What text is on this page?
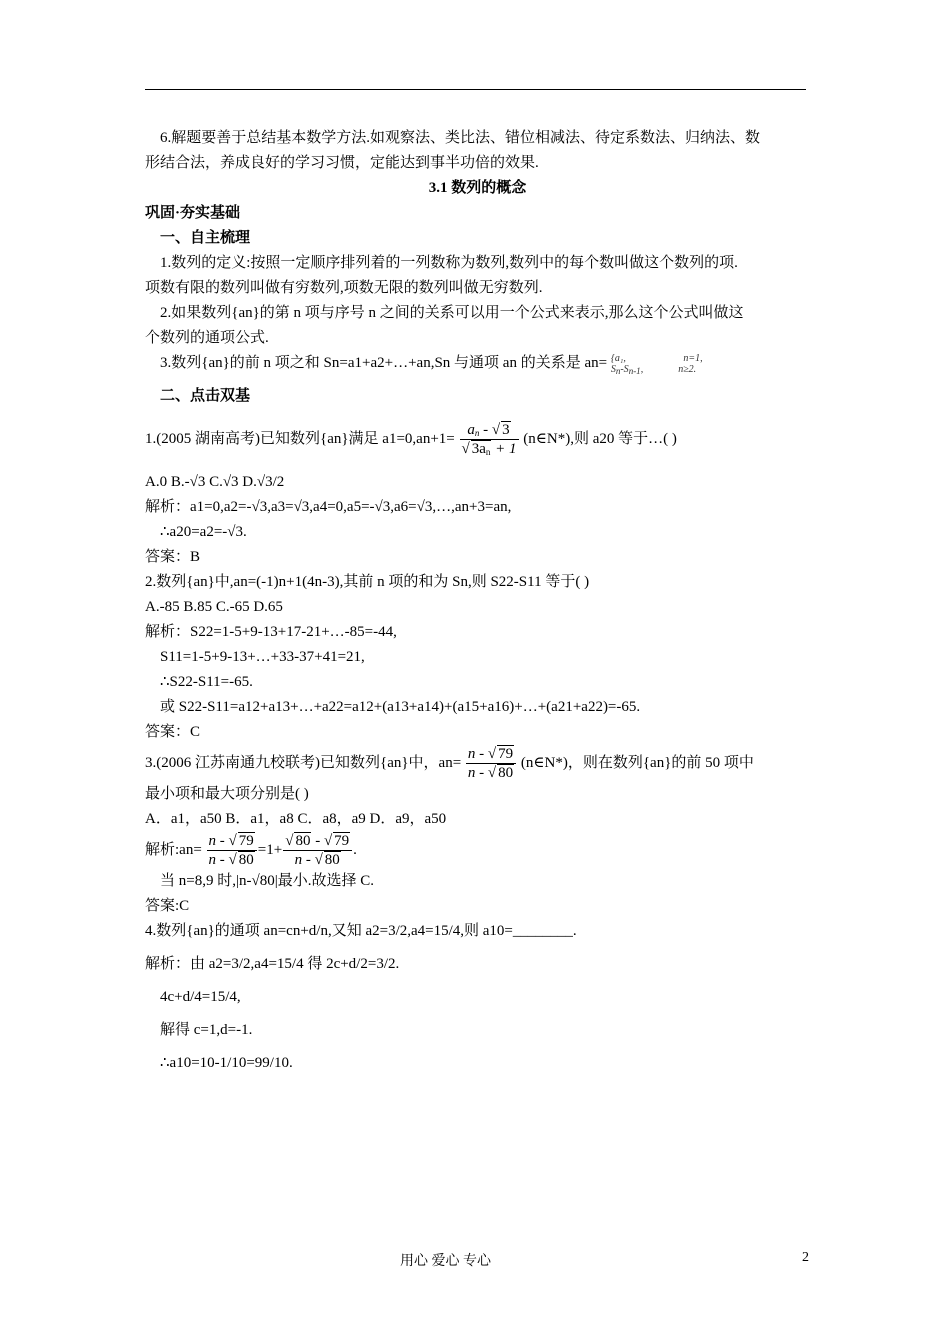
6.解题要善于总结基本数学方法.如观察法、类比法、错位相减法、待定系数法、归纳法、数

形结合法，养成良好的学习习惯，定能达到事半功倍的效果.

3.1 数列的概念

巩固·夯实基础

一、自主梳理

1.数列的定义:按照一定顺序排列着的一列数称为数列,数列中的每个数叫做这个数列的项.

项数有限的数列叫做有穷数列,项数无限的数列叫做无穷数列.

2.如果数列{an}的第 n 项与序号 n 之间的关系可以用一个公式来表示,那么这个公式叫做这

个数列的通项公式.

3.数列{an}的前 n 项之和 Sn=a1+a2+…+an,Sn 与通项 an 的关系是 an= {a₁,                       n=1,
$S_n-S_{n-1}$,              n≥2.

二、点击双基

1.(2005 湖南高考)已知数列{an}满足 $a1=0,an+1= \frac{a_n - √ 3}{√ 3a_n + 1}$ (n∈N*),则 a20 等于…( )

A.0 B.-√3 C.√3 D.√3/2

解析：a1=0,a2=-√3,a3=√3,a4=0,a5=-√3,a6=√3,…,an+3=an,

∴a20=a2=-√3.

答案：B

2.数列{an}中,an=(-1)n+1(4n-3),其前 n 项的和为 Sn,则 S22-S11 等于( )

A.-85 B.85 C.-65 D.65

解析：S22=1-5+9-13+17-21+…-85=-44,

S11=1-5+9-13+…+33-37+41=21,

∴S22-S11=-65.

或 S22-S11=a12+a13+…+a22=a12+(a13+a14)+(a15+a16)+…+(a21+a22)=-65.

答案：C

3.(2006 江苏南通九校联考)已知数列{an}中，$an= \frac{n - √ 79}{n - √ 80}$ (n∈N*)，则在数列{an}的前 50 项中

最小项和最大项分别是( )

A．a1，a50 B．a1，a8 C．a8，a9 D．a9，a50

解析:an= $\frac{n - √ 79}{n - √ 80} =1+ \frac{√ 80 - √ 79}{n - √ 80}$ .

当 n=8,9 时,|n-√80|最小.故选择 C.

答案:C

4.数列{an}的通项 an=cn+d/n,又知 a2=3/2,a4=15/4,则 a10=________.

解析：由 a2=3/2,a4=15/4 得 2c+d/2=3/2.

4c+d/4=15/4,

解得 c=1,d=-1.

∴a10=10-1/10=99/10.

用心 爱心 专心	2
